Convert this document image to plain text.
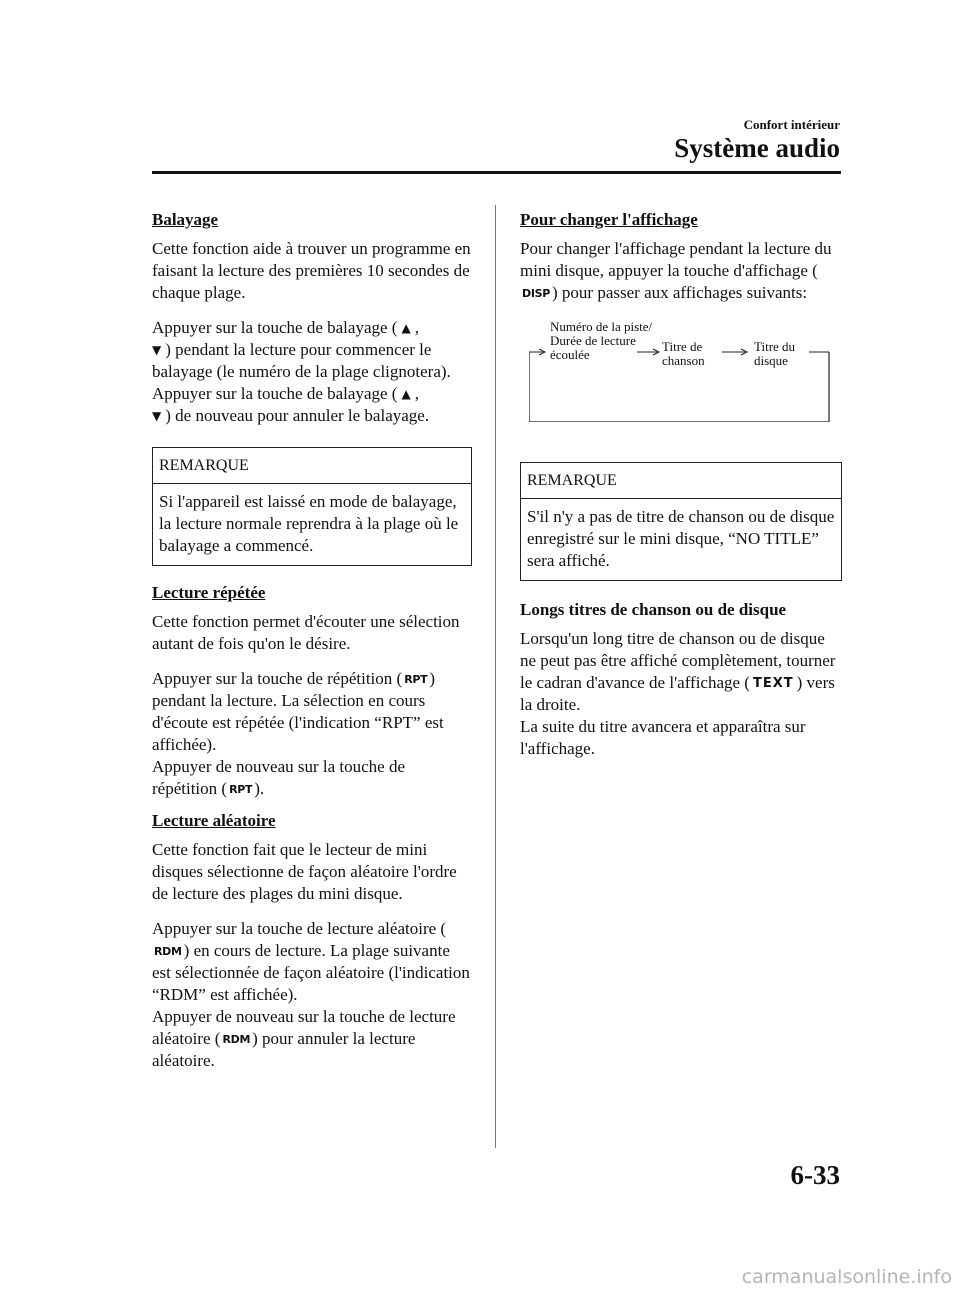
Confort intérieur
Système audio
Balayage

Cette fonction aide à trouver un programme en faisant la lecture des premières 10 secondes de chaque plage.

Appuyer sur la touche de balayage ( ▲ ,
▼ ) pendant la lecture pour commencer le balayage (le numéro de la plage clignotera).

Appuyer sur la touche de balayage ( ▲ ,
▼ ) de nouveau pour annuler le balayage.

REMARQUE
Si l'appareil est laissé en mode de balayage, la lecture normale reprendra à la plage où le balayage a commencé.
Lecture répétée

Cette fonction permet d'écouter une sélection autant de fois qu'on le désire.

Appuyer sur la touche de répétition ( RPT ) pendant la lecture. La sélection en cours d'écoute est répétée (l'indication “RPT” est affichée).

Appuyer de nouveau sur la touche de répétition ( RPT ).

Lecture aléatoire

Cette fonction fait que le lecteur de mini disques sélectionne de façon aléatoire l'ordre de lecture des plages du mini disque.

Appuyer sur la touche de lecture aléatoire (RDM ) en cours de lecture. La plage suivante est sélectionnée de façon aléatoire (l'indication “RDM” est affichée).

Appuyer de nouveau sur la touche de lecture aléatoire ( RDM ) pour annuler la lecture aléatoire.

Pour changer l'affichage

Pour changer l'affichage pendant la lecture du mini disque, appuyer la touche d'affichage (DISP ) pour passer aux affichages suivants:

Numéro de la piste/ Durée de lecture écoulée
Titre de chanson
Titre du disque
REMARQUE
S'il n'y a pas de titre de chanson ou de disque enregistré sur le mini disque, “NO TITLE” sera affiché.
Longs titres de chanson ou de disque

Lorsqu'un long titre de chanson ou de disque ne peut pas être affiché complètement, tourner le cadran d'avance de l'affichage ( TEXT ) vers la droite.

La suite du titre avancera et apparaîtra sur l'affichage.

6-33
carmanualsonline.info
